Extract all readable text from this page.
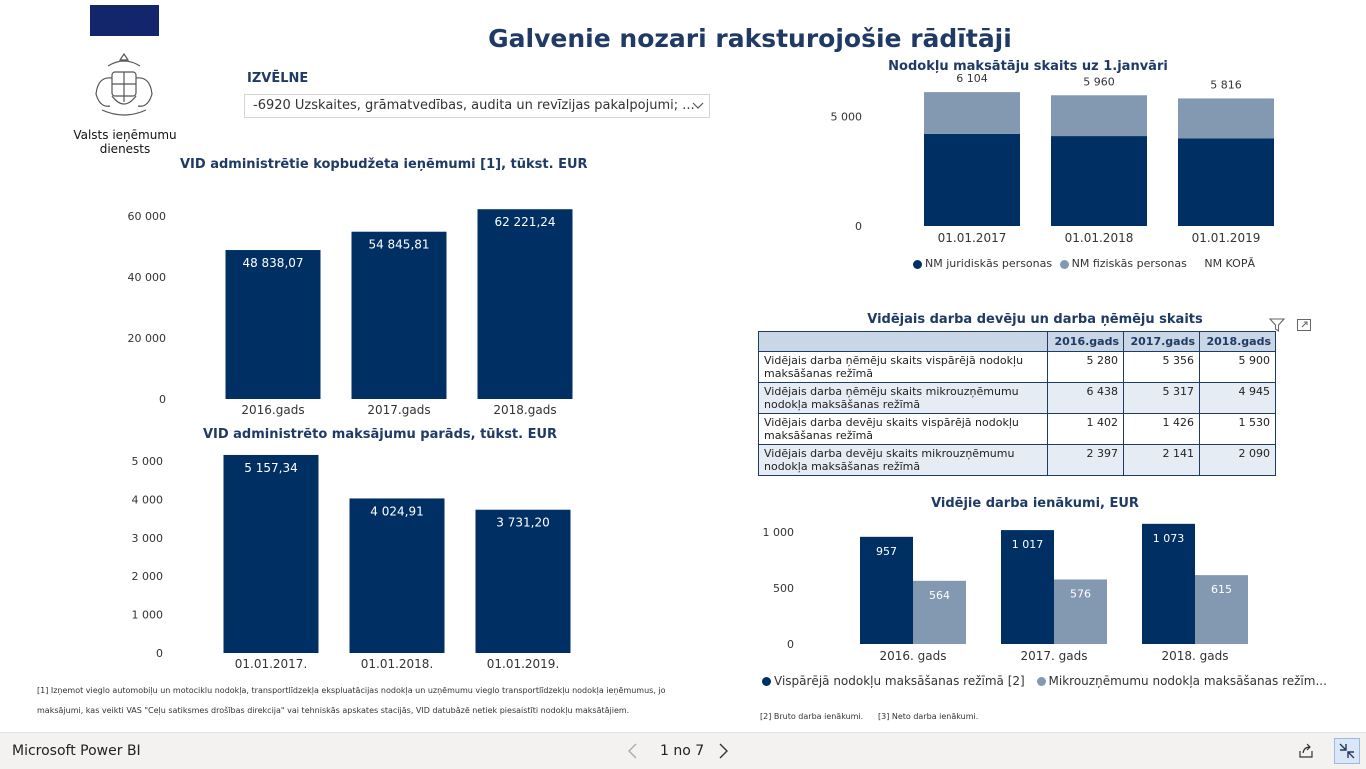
Valsts ieņēmumu
dienests
Galvenie nozari raksturojošie rādītāji
IZVĒLNE
-6920 Uzskaites, grāmatvedības, audita un revīzijas pakalpojumi; ...
VID administrētie kopbudžeta ieņēmumi [1], tūkst. EUR
60 000
40 000
20 000
0
48 838,07
2016.gads
54 845,81
2017.gads
62 221,24
2018.gads
VID administrēto maksājumu parāds, tūkst. EUR
5 000
4 000
3 000
2 000
1 000
0
5 157,34
01.01.2017.
4 024,91
01.01.2018.
3 731,20
01.01.2019.
[1] Izņemot vieglo automobiļu un motociklu nodokļa, transportlīdzekļa ekspluatācijas nodokļa un uzņēmumu vieglo transportlīdzekļu nodokļa ieņēmumus, jo
maksājumi, kas veikti VAS "Ceļu satiksmes drošības direkcija" vai tehniskās apskates stacijās, VID datubāzē netiek piesaistīti nodokļu maksātājiem.
Nodokļu maksātāju skaits uz 1.janvāri
5 000
0
6 104
01.01.2017
5 960
01.01.2018
5 816
01.01.2019
NM juridiskās personas NM fiziskās personas NM KOPĀ
Vidējais darba devēju un darba ņēmēju skaits
	2016.gads	2017.gads	2018.gads
Vidējais darba ņēmēju skaits vispārējā nodokļu maksāšanas režīmā	5 280	5 356	5 900
Vidējais darba ņēmēju skaits mikrouzņēmumu nodokļa maksāšanas režīmā	6 438	5 317	4 945
Vidējais darba devēju skaits vispārējā nodokļu maksāšanas režīmā	1 402	1 426	1 530
Vidējais darba devēju skaits mikrouzņēmumu nodokļa maksāšanas režīmā	2 397	2 141	2 090
Vidējie darba ienākumi, EUR
1 000
500
0
957
564
2016. gads
1 017
576
2017. gads
1 073
615
2018. gads
Vispārējā nodokļu maksāšanas režīmā [2] Mikrouzņēmumu nodokļa maksāšanas režīm...
[2] Bruto darba ienākumi. [3] Neto darba ienākumi.
Microsoft Power BI	1 no 7
